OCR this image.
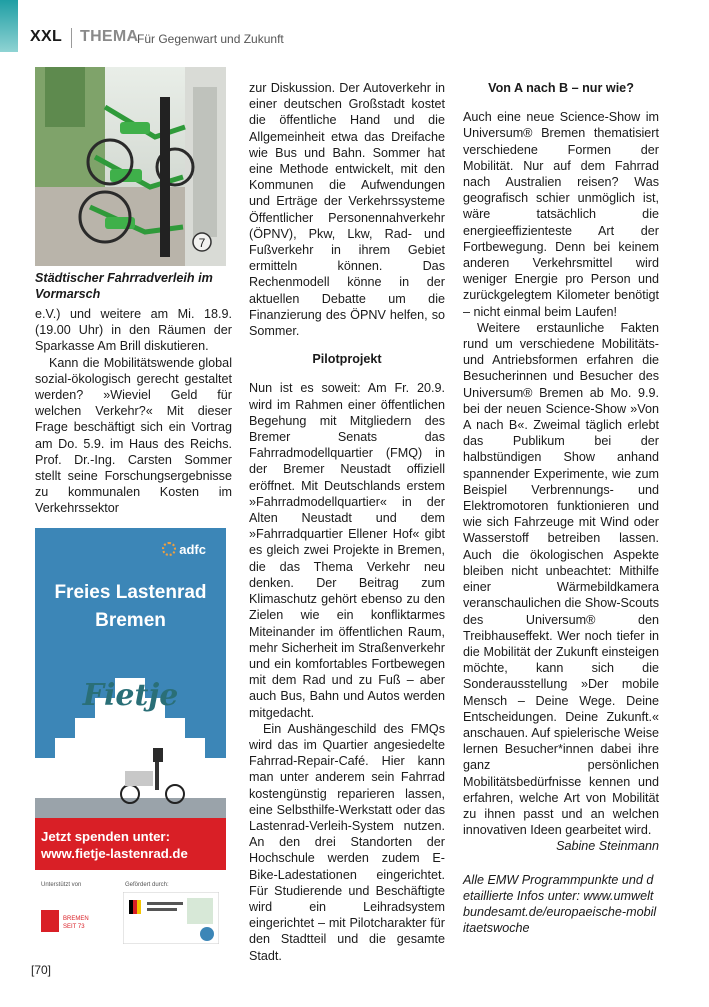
XXL THEMA
Für Gegenwart und Zukunft
7
Städtischer Fahrradverleih im Vormarsch

e.V.) und weitere am Mi. 18.9. (19.00 Uhr) in den Räumen der Sparkasse Am Brill diskutieren.

Kann die Mobilitätswende global sozial-ökologisch gerecht gestaltet werden? »Wieviel Geld für welchen Verkehr?« Mit dieser Frage beschäftigt sich ein Vortrag am Do. 5.9. im Haus des Reichs. Prof. Dr.-Ing. Carsten Sommer stellt seine Forschungsergebnisse zu kommunalen Kosten im Verkehrssektor

adfc
Freies Lastenrad
Bremen
Fietje
Jetzt spenden unter:
www.fietje-lastenrad.de
Unterstützt von	Gefördert durch:
BREMEN
SEIT 73

zur Diskussion. Der Autoverkehr in einer deutschen Großstadt kostet die öffentliche Hand und die Allgemeinheit etwa das Dreifache wie Bus und Bahn. Sommer hat eine Methode entwickelt, mit den Kommunen die Aufwendungen und Erträge der Verkehrssysteme Öffentlicher Personennahverkehr (ÖPNV), Pkw, Lkw, Rad- und Fußverkehr in ihrem Gebiet ermitteln können. Das Rechenmodell könne in der aktuellen Debatte um die Finanzierung des ÖPNV helfen, so Sommer.

Pilotprojekt

Nun ist es soweit: Am Fr. 20.9. wird im Rahmen einer öffentlichen Begehung mit Mitgliedern des Bremer Senats das Fahrradmodellquartier (FMQ) in der Bremer Neustadt offiziell eröffnet. Mit Deutschlands erstem »Fahrradmodellquartier« in der Alten Neustadt und dem »Fahrradquartier Ellener Hof« gibt es gleich zwei Projekte in Bremen, die das Thema Verkehr neu denken. Der Beitrag zum Klimaschutz gehört ebenso zu den Zielen wie ein konfliktarmes Miteinander im öffentlichen Raum, mehr Sicherheit im Straßenverkehr und ein komfortables Fortbewegen mit dem Rad und zu Fuß – aber auch Bus, Bahn und Autos werden mitgedacht.

Ein Aushängeschild des FMQs wird das im Quartier angesiedelte Fahrrad-Repair-Café. Hier kann man unter anderem sein Fahrrad kostengünstig reparieren lassen, eine Selbsthilfe-Werkstatt oder das Lastenrad-Verleih-System nutzen. An den drei Standorten der Hochschule werden zudem E-Bike-Ladestationen eingerichtet. Für Studierende und Beschäftigte wird ein Leihradsystem eingerichtet – mit Pilotcharakter für den Stadtteil und die gesamte Stadt.

Von A nach B – nur wie?

Auch eine neue Science-Show im Universum® Bremen thematisiert verschiedene Formen der Mobilität. Nur auf dem Fahrrad nach Australien reisen? Was geografisch schier unmöglich ist, wäre tatsächlich die energieeffizienteste Art der Fortbewegung. Denn bei keinem anderen Verkehrsmittel wird weniger Energie pro Person und zurückgelegtem Kilometer benötigt – nicht einmal beim Laufen!

Weitere erstaunliche Fakten rund um verschiedene Mobilitäts- und Antriebsformen erfahren die Besucherinnen und Besucher des Universum® Bremen ab Mo. 9.9. bei der neuen Science-Show »Von A nach B«. Zweimal täglich erlebt das Publikum bei der halbstündigen Show anhand spannender Experimente, wie zum Beispiel Verbrennungs- und Elektromotoren funktionieren und wie sich Fahrzeuge mit Wind oder Wasserstoff betreiben lassen. Auch die ökologischen Aspekte bleiben nicht unbeachtet: Mithilfe einer Wärmebildkamera veranschaulichen die Show-Scouts des Universum® den Treibhauseffekt. Wer noch tiefer in die Mobilität der Zukunft einsteigen möchte, kann sich die Sonderausstellung »Der mobile Mensch – Deine Wege. Deine Entscheidungen. Deine Zukunft.« anschauen. Auf spielerische Weise lernen Besucher*innen dabei ihre ganz persönlichen Mobilitätsbedürfnisse kennen und erfahren, welche Art von Mobilität zu ihnen passt und an welchen innovativen Ideen gearbeitet wird.

Sabine Steinmann

Alle EMW Programmpunkte und detaillierte Infos unter: www.umweltbundesamt.de/europaeische-mobilitaetswoche

[70]
